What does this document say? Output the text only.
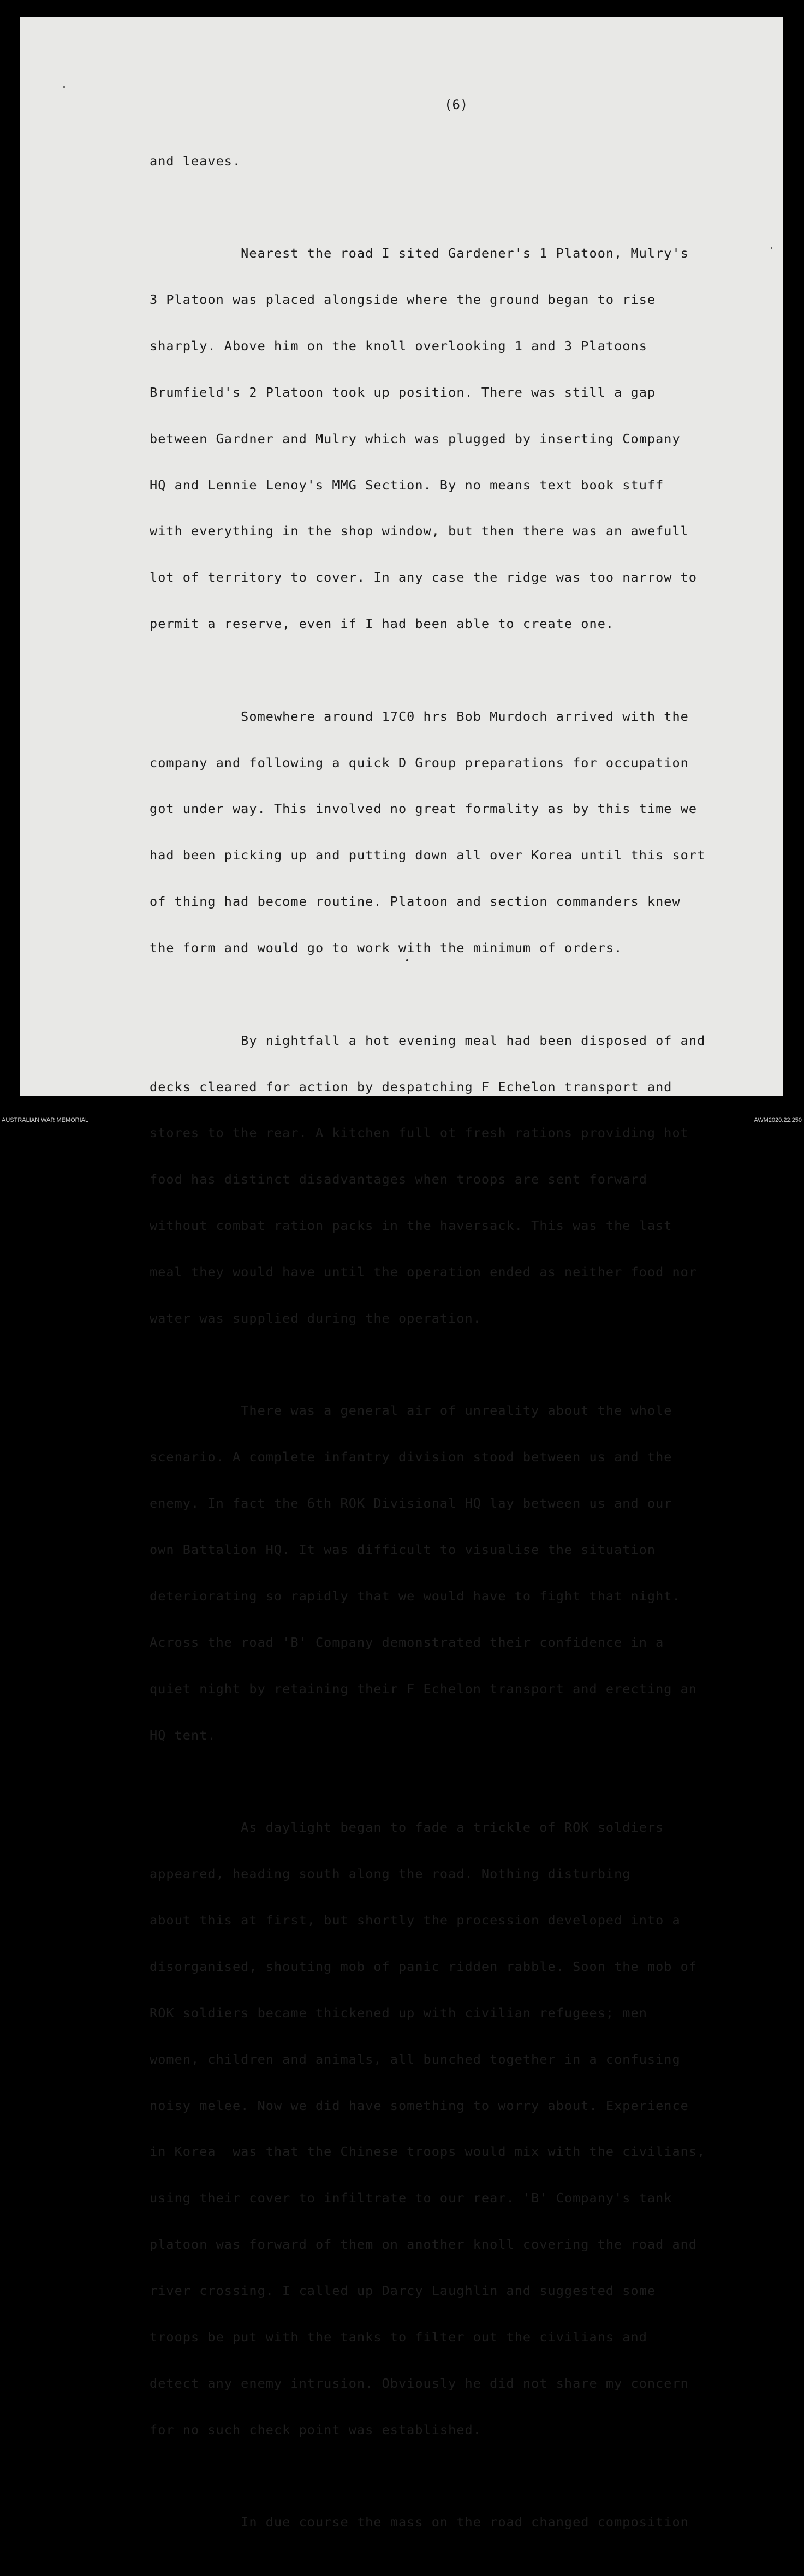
(6)

and leaves.

Nearest the road I sited Gardener's 1 Platoon, Mulry's

3 Platoon was placed alongside where the ground began to rise

sharply. Above him on the knoll overlooking 1 and 3 Platoons

Brumfield's 2 Platoon took up position. There was still a gap

between Gardner and Mulry which was plugged by inserting Company

HQ and Lennie Lenoy's MMG Section. By no means text book stuff

with everything in the shop window, but then there was an awefull

lot of territory to cover. In any case the ridge was too narrow to

permit a reserve, even if I had been able to create one.

Somewhere around 17C0 hrs Bob Murdoch arrived with the

company and following a quick D Group preparations for occupation

got under way. This involved no great formality as by this time we

had been picking up and putting down all over Korea until this sort

of thing had become routine. Platoon and section commanders knew

the form and would go to work with the minimum of orders.

By nightfall a hot evening meal had been disposed of and

decks cleared for action by despatching F Echelon transport and

stores to the rear. A kitchen full ot fresh rations providing hot

food has distinct disadvantages when troops are sent forward

without combat ration packs in the haversack. This was the last

meal they would have until the operation ended as neither food nor

water was supplied during the operation.

There was a general air of unreality about the whole

scenario. A complete infantry division stood between us and the

enemy. In fact the 6th ROK Divisional HQ lay between us and our

own Battalion HQ. It was difficult to visualise the situation

deteriorating so rapidly that we would have to fight that night.

Across the road 'B' Company demonstrated their confidence in a

quiet night by retaining their F Echelon transport and erecting an

HQ tent.

As daylight began to fade a trickle of ROK soldiers

appeared, heading south along the road. Nothing disturbing

about this at first, but shortly the procession developed into a

disorganised, shouting mob of panic ridden rabble. Soon the mob of

ROK soldiers became thickened up with civilian refugees; men

women, children and animals, all bunched together in a confusing

noisy melee. Now we did have something to worry about. Experience

in Korea  was that the Chinese troops would mix with the civilians,

using their cover to infiltrate to our rear. 'B' Company's tank

platoon was forward of them on another knoll covering the road and

river crossing. I called up Darcy Laughlin and suggested some

troops be put with the tanks to filter out the civilians and

detect any enemy intrusion. Obviously he did not share my concern

for no such check point was established.

In due course the mass on the road changed composition

AUSTRALIAN WAR MEMORIAL	AWM2020.22.250
